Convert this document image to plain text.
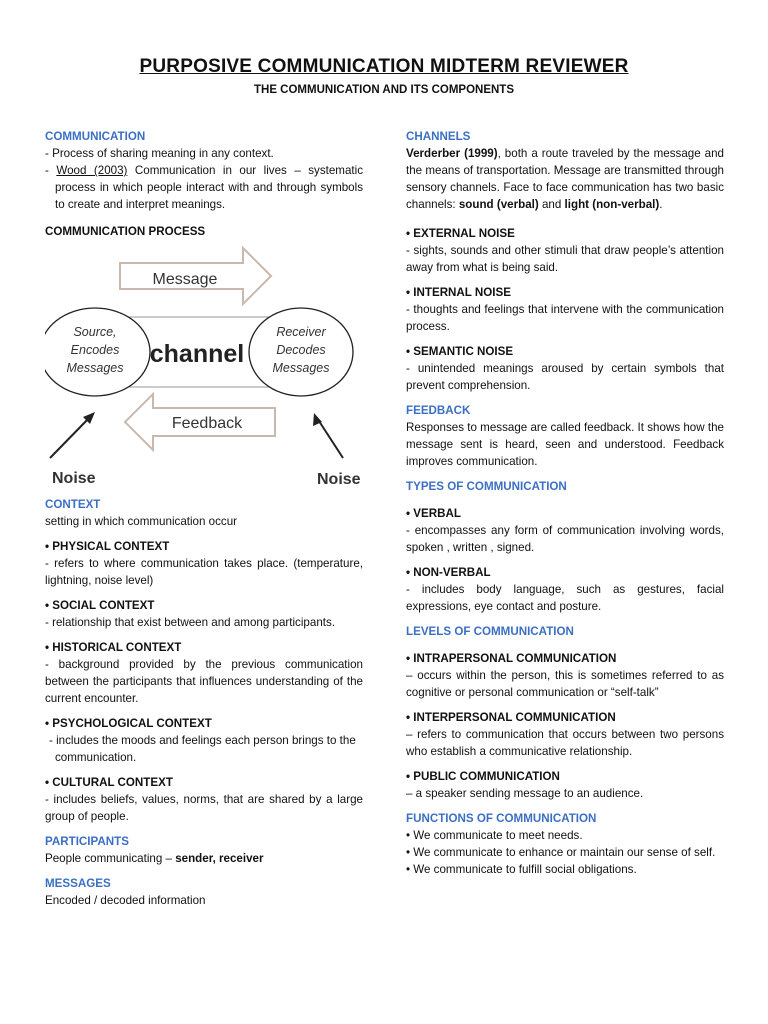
PURPOSIVE COMMUNICATION MIDTERM REVIEWER
THE COMMUNICATION AND ITS COMPONENTS

COMMUNICATION

- Process of sharing meaning in any context.

- Wood (2003) Communication in our lives – systematic process in which people interact with and through symbols to create and interpret meanings.

COMMUNICATION PROCESS

Message
Source,
Encodes
Messages
Receiver
Decodes
Messages
channel
Feedback
Noise	Noise

CONTEXT

setting in which communication occur

• PHYSICAL CONTEXT

- refers to where communication takes place. (temperature, lightning, noise level)

• SOCIAL CONTEXT

- relationship that exist between and among participants.

• HISTORICAL CONTEXT

- background provided by the previous communication between the participants that influences understanding of the current encounter.

• PSYCHOLOGICAL CONTEXT

- includes the moods and feelings each person brings to the communication.

• CULTURAL CONTEXT

- includes beliefs, values, norms, that are shared by a large group of people.

PARTICIPANTS

People communicating – sender, receiver

MESSAGES

Encoded / decoded information

CHANNELS

Verderber (1999), both a route traveled by the message and the means of transportation. Message are transmitted through sensory channels. Face to face communication has two basic channels: sound (verbal) and light (non-verbal).

• EXTERNAL NOISE

- sights, sounds and other stimuli that draw people’s attention away from what is being said.

• INTERNAL NOISE

- thoughts and feelings that intervene with the communication process.

• SEMANTIC NOISE

- unintended meanings aroused by certain symbols that prevent comprehension.

FEEDBACK

Responses to message are called feedback. It shows how the message sent is heard, seen and understood. Feedback improves communication.

TYPES OF COMMUNICATION

• VERBAL

- encompasses any form of communication involving words, spoken , written , signed.

• NON-VERBAL

- includes body language, such as gestures, facial expressions, eye contact and posture.

LEVELS OF COMMUNICATION

• INTRAPERSONAL COMMUNICATION

– occurs within the person, this is sometimes referred to as cognitive or personal communication or “self-talk”

• INTERPERSONAL COMMUNICATION

– refers to communication that occurs between two persons who establish a communicative relationship.

• PUBLIC COMMUNICATION

– a speaker sending message to an audience.

FUNCTIONS OF COMMUNICATION

• We communicate to meet needs.

• We communicate to enhance or maintain our sense of self.

• We communicate to fulfill social obligations.
